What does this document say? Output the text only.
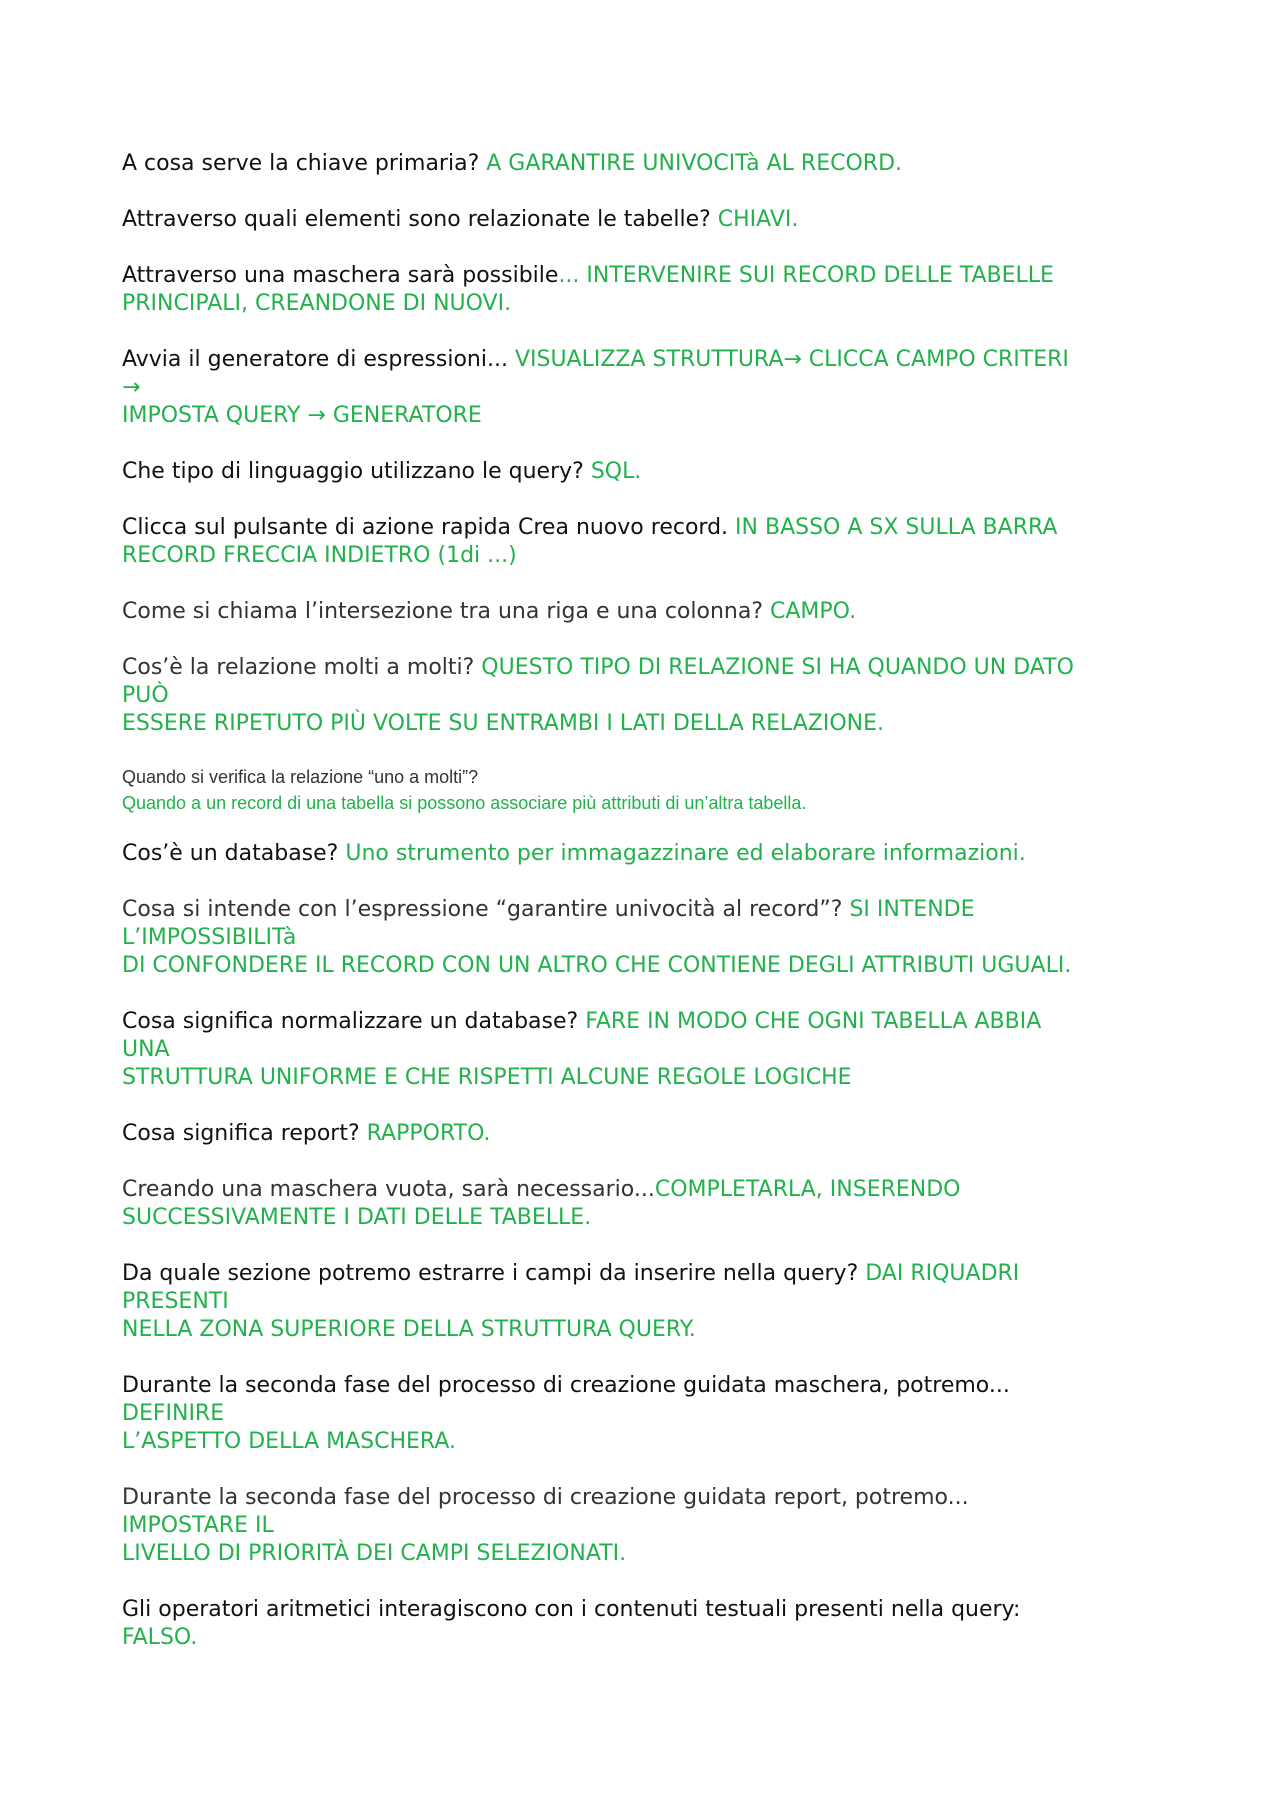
A cosa serve la chiave primaria? A GARANTIRE UNIVOCITà AL RECORD.

Attraverso quali elementi sono relazionate le tabelle? CHIAVI.

Attraverso una maschera sarà possibile... INTERVENIRE SUI RECORD DELLE TABELLE
PRINCIPALI, CREANDONE DI NUOVI.

Avvia il generatore di espressioni... VISUALIZZA STRUTTURA→ CLICCA CAMPO CRITERI
→
IMPOSTA QUERY → GENERATORE

Che tipo di linguaggio utilizzano le query? SQL.

Clicca sul pulsante di azione rapida Crea nuovo record. IN BASSO A SX SULLA BARRA
RECORD FRECCIA INDIETRO (1di ...)

Come si chiama l’intersezione tra una riga e una colonna? CAMPO.

Cos’è la relazione molti a molti? QUESTO TIPO DI RELAZIONE SI HA QUANDO UN DATO
PUÒ
ESSERE RIPETUTO PIÙ VOLTE SU ENTRAMBI I LATI DELLA RELAZIONE.

Quando si verifica la relazione “uno a molti”?
Quando a un record di una tabella si possono associare più attributi di un’altra tabella.

Cos’è un database? Uno strumento per immagazzinare ed elaborare informazioni.

Cosa si intende con l’espressione “garantire univocità al record”? SI INTENDE
L’IMPOSSIBILITà
DI CONFONDERE IL RECORD CON UN ALTRO CHE CONTIENE DEGLI ATTRIBUTI UGUALI.

Cosa significa normalizzare un database? FARE IN MODO CHE OGNI TABELLA ABBIA
UNA
STRUTTURA UNIFORME E CHE RISPETTI ALCUNE REGOLE LOGICHE

Cosa significa report? RAPPORTO.

Creando una maschera vuota, sarà necessario...COMPLETARLA, INSERENDO
SUCCESSIVAMENTE I DATI DELLE TABELLE.

Da quale sezione potremo estrarre i campi da inserire nella query? DAI RIQUADRI
PRESENTI
NELLA ZONA SUPERIORE DELLA STRUTTURA QUERY.

Durante la seconda fase del processo di creazione guidata maschera, potremo...
DEFINIRE
L’ASPETTO DELLA MASCHERA.

Durante la seconda fase del processo di creazione guidata report, potremo...
IMPOSTARE IL
LIVELLO DI PRIORITÀ DEI CAMPI SELEZIONATI.

Gli operatori aritmetici interagiscono con i contenuti testuali presenti nella query:
FALSO.
